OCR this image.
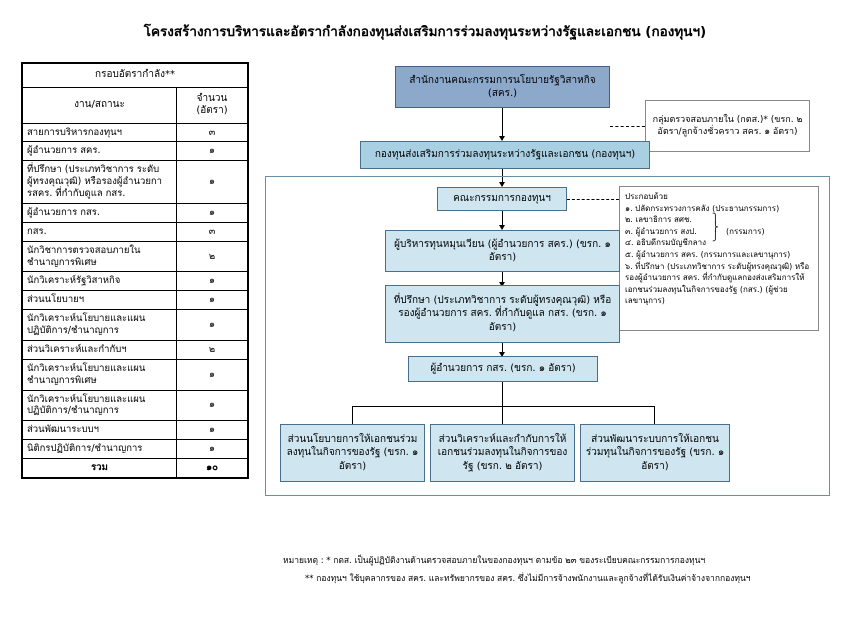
โครงสร้างการบริหารและอัตรากำลังกองทุนส่งเสริมการร่วมลงทุนระหว่างรัฐและเอกชน (กองทุนฯ)
กรอบอัตรากำลัง**	
งาน/สถานะ	จำนวน (อัตรา)
สายการบริหารกองทุนฯ	๓
ผู้อำนวยการ สคร.	๑
ที่ปรึกษา (ประเภทวิชาการ ระดับผู้ทรงคุณวุฒิ) หรือรองผู้อำนวยการสคร. ที่กำกับดูแล กสร.	๑
ผู้อำนวยการ กสร.	๑
กสร.	๓
นักวิชาการตรวจสอบภายใน ชำนาญการพิเศษ	๒
นักวิเคราะห์รัฐวิสาหกิจ	๑
ส่วนนโยบายฯ	๑
นักวิเคราะห์นโยบายและแผน ปฏิบัติการ/ชำนาญการ	๑
ส่วนวิเคราะห์และกำกับฯ	๒
นักวิเคราะห์นโยบายและแผน ชำนาญการพิเศษ	๑
นักวิเคราะห์นโยบายและแผน ปฏิบัติการ/ชำนาญการ	๑
ส่วนพัฒนาระบบฯ	๑
นิติกรปฏิบัติการ/ชำนาญการ	๑
รวม	๑๐
สำนักงานคณะกรรมการนโยบายรัฐวิสาหกิจ (สคร.)
กลุ่มตรวจสอบภายใน (กตส.)* (ขรก. ๒ อัตรา/ลูกจ้างชั่วคราว สคร. ๑ อัตรา)
กองทุนส่งเสริมการร่วมลงทุนระหว่างรัฐและเอกชน (กองทุนฯ)
คณะกรรมการกองทุนฯ	ประกอบด้วย
๑. ปลัดกระทรวงการคลัง (ประธานกรรมการ)
๒. เลขาธิการ สศช.
๓. ผู้อำนวยการ สงป.
๔. อธิบดีกรมบัญชีกลาง
๕. ผู้อำนวยการ สคร. (กรรมการและเลขานุการ)
๖. ที่ปรึกษา (ประเภทวิชาการ ระดับผู้ทรงคุณวุฒิ) หรือรองผู้อำนวยการ สคร. ที่กำกับดูแลกองส่งเสริมการให้เอกชนร่วมลงทุนในกิจการของรัฐ (กสร.) (ผู้ช่วยเลขานุการ)
⎫
⎬
⎭
(กรรมการ)
ผู้บริหารทุนหมุนเวียน (ผู้อำนวยการ สคร.) (ขรก. ๑ อัตรา)
ที่ปรึกษา (ประเภทวิชาการ ระดับผู้ทรงคุณวุฒิ) หรือรองผู้อำนวยการ สคร. ที่กำกับดูแล กสร. (ขรก. ๑ อัตรา)
ผู้อำนวยการ กสร. (ขรก. ๑ อัตรา)
ส่วนนโยบายการให้เอกชนร่วมลงทุนในกิจการของรัฐ (ขรก. ๑ อัตรา)
ส่วนวิเคราะห์และกำกับการให้เอกชนร่วมลงทุนในกิจการของรัฐ (ขรก. ๒ อัตรา)
ส่วนพัฒนาระบบการให้เอกชนร่วมทุนในกิจการของรัฐ (ขรก. ๑ อัตรา)
หมายเหตุ : * กตส. เป็นผู้ปฏิบัติงานด้านตรวจสอบภายในของกองทุนฯ ตามข้อ ๒๓ ของระเบียบคณะกรรมการกองทุนฯ
** กองทุนฯ ใช้บุคลากรของ สคร. และทรัพยากรของ สคร. ซึ่งไม่มีการจ้างพนักงานและลูกจ้างที่ได้รับเงินค่าจ้างจากกองทุนฯ
